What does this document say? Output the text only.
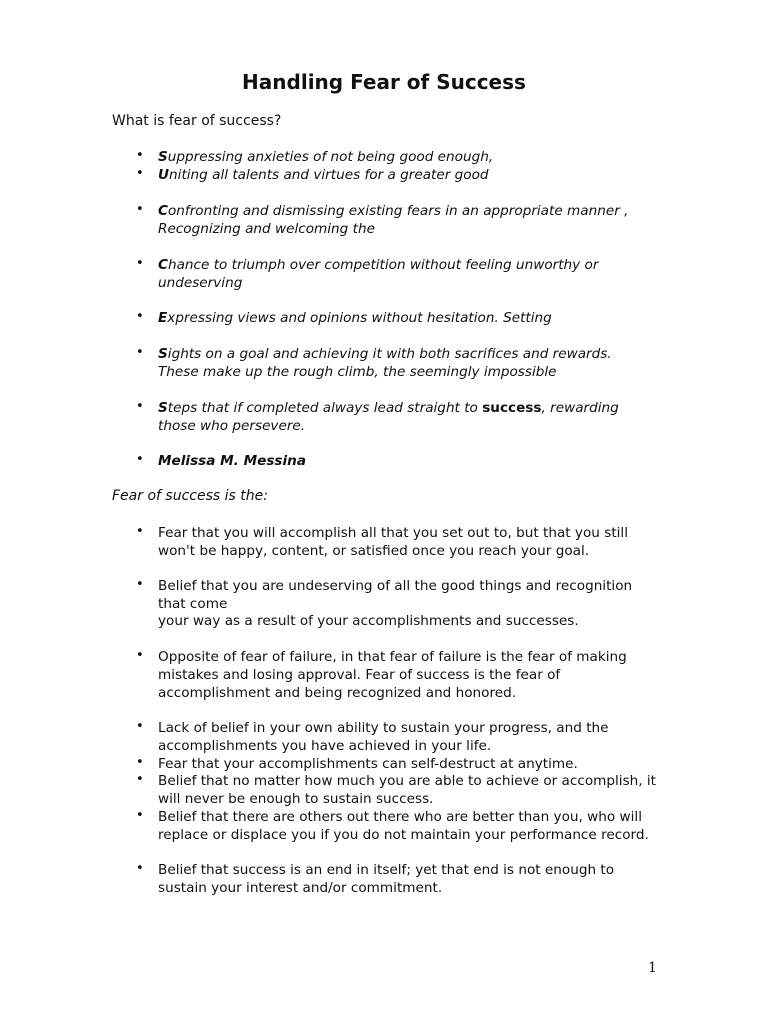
Handling Fear of Success
What is fear of success?
• Suppressing anxieties of not being good enough,
• Uniting all talents and virtues for a greater good
• Confronting and dismissing existing fears in an appropriate manner , Recognizing and welcoming the
• Chance to triumph over competition without feeling unworthy or undeserving
• Expressing views and opinions without hesitation. Setting
• Sights on a goal and achieving it with both sacrifices and rewards. These make up the rough climb, the seemingly impossible
• Steps that if completed always lead straight to success, rewarding those who persevere.
• Melissa M. Messina
Fear of success is the:
• Fear that you will accomplish all that you set out to, but that you still won't be happy, content, or satisfied once you reach your goal.
• Belief that you are undeserving of all the good things and recognition that come
your way as a result of your accomplishments and successes.
• Opposite of fear of failure, in that fear of failure is the fear of making mistakes and losing approval. Fear of success is the fear of accomplishment and being recognized and honored.
• Lack of belief in your own ability to sustain your progress, and the accomplishments you have achieved in your life.
• Fear that your accomplishments can self-destruct at anytime.
• Belief that no matter how much you are able to achieve or accomplish, it will never be enough to sustain success.
• Belief that there are others out there who are better than you, who will replace or displace you if you do not maintain your performance record.
• Belief that success is an end in itself; yet that end is not enough to sustain your interest and/or commitment.
1
